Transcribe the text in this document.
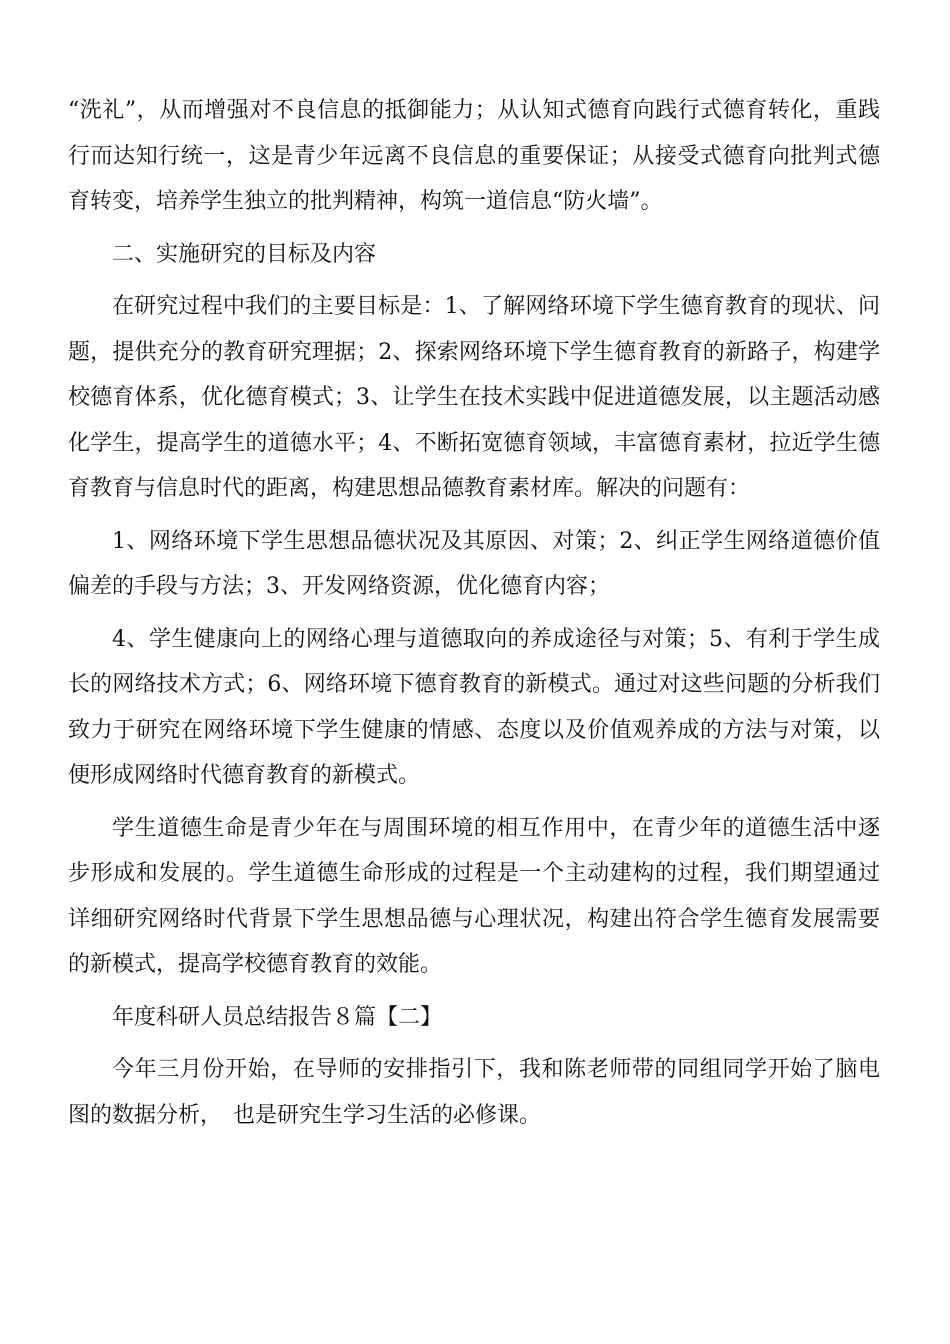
“洗礼”，从而增强对不良信息的抵御能力；从认知式德育向践行式德育转化，重践行而达知行统一，这是青少年远离不良信息的重要保证；从接受式德育向批判式德育转变，培养学生独立的批判精神，构筑一道信息“防火墙”。

二、实施研究的目标及内容

在研究过程中我们的主要目标是：1、了解网络环境下学生德育教育的现状、问题，提供充分的教育研究理据；2、探索网络环境下学生德育教育的新路子，构建学校德育体系，优化德育模式；3、让学生在技术实践中促进道德发展，以主题活动感化学生，提高学生的道德水平；4、不断拓宽德育领域，丰富德育素材，拉近学生德育教育与信息时代的距离，构建思想品德教育素材库。解决的问题有：

1、网络环境下学生思想品德状况及其原因、对策；2、纠正学生网络道德价值偏差的手段与方法；3、开发网络资源，优化德育内容；

4、学生健康向上的网络心理与道德取向的养成途径与对策；5、有利于学生成长的网络技术方式；6、网络环境下德育教育的新模式。通过对这些问题的分析我们致力于研究在网络环境下学生健康的情感、态度以及价值观养成的方法与对策，以便形成网络时代德育教育的新模式。

学生道德生命是青少年在与周围环境的相互作用中，在青少年的道德生活中逐步形成和发展的。学生道德生命形成的过程是一个主动建构的过程，我们期望通过详细研究网络时代背景下学生思想品德与心理状况，构建出符合学生德育发展需要的新模式，提高学校德育教育的效能。

年度科研人员总结报告８篇【二】

今年三月份开始，在导师的安排指引下，我和陈老师带的同组同学开始了脑电图的数据分析，　也是研究生学习生活的必修课。
